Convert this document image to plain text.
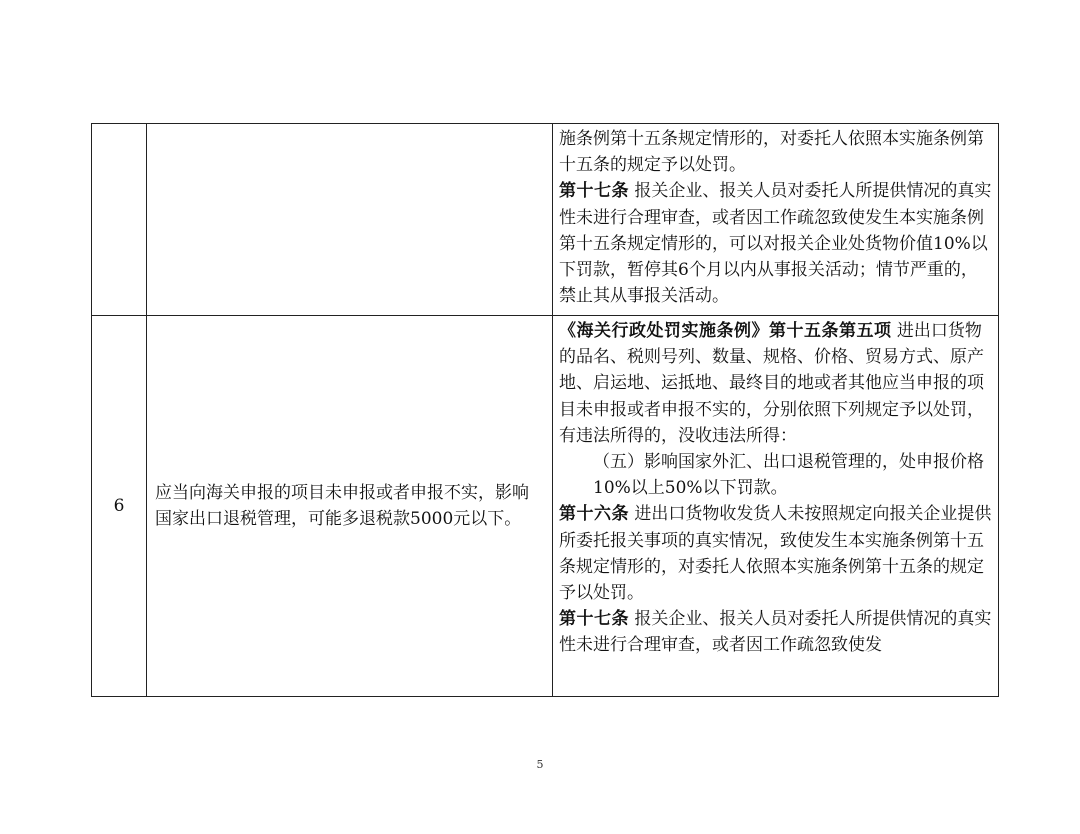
		施条例第十五条规定情形的，对委托人依照本实施条例第十五条的规定予以处罚。

第十七条 报关企业、报关人员对委托人所提供情况的真实性未进行合理审查，或者因工作疏忽致使发生本实施条例第十五条规定情形的，可以对报关企业处货物价值10%以下罚款，暂停其6个月以内从事报关活动；情节严重的，禁止其从事报关活动。

6	应当向海关申报的项目未申报或者申报不实，影响国家出口退税管理，可能多退税款5000元以下。	《海关行政处罚实施条例》第十五条第五项 进出口货物的品名、税则号列、数量、规格、价格、贸易方式、原产地、启运地、运抵地、最终目的地或者其他应当申报的项目未申报或者申报不实的，分别依照下列规定予以处罚，有违法所得的，没收违法所得：

（五）影响国家外汇、出口退税管理的，处申报价格10%以上50%以下罚款。

第十六条 进出口货物收发货人未按照规定向报关企业提供所委托报关事项的真实情况，致使发生本实施条例第十五条规定情形的，对委托人依照本实施条例第十五条的规定予以处罚。

第十七条 报关企业、报关人员对委托人所提供情况的真实性未进行合理审查，或者因工作疏忽致使发

5
